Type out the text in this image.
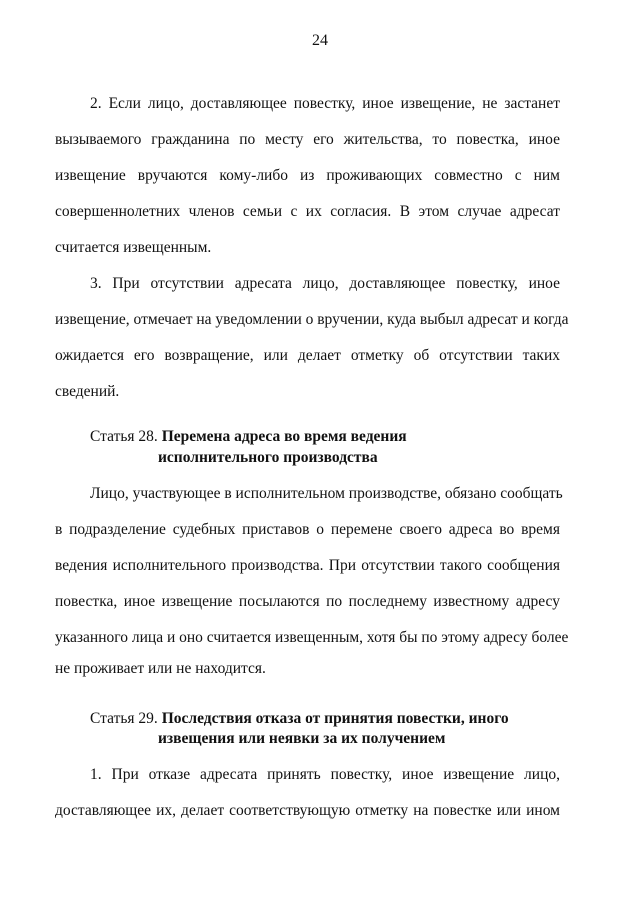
24
2. Если лицо, доставляющее повестку, иное извещение, не застанет
вызываемого гражданина по месту его жительства, то повестка, иное
извещение вручаются кому-либо из проживающих совместно с ним
совершеннолетних членов семьи с их согласия. В этом случае адресат
считается извещенным.
3. При отсутствии адресата лицо, доставляющее повестку, иное
извещение, отмечает на уведомлении о вручении, куда выбыл адресат и когда
ожидается его возвращение, или делает отметку об отсутствии таких
сведений.
Статья 28. Перемена адреса во время ведения
исполнительного производства
Лицо, участвующее в исполнительном производстве, обязано сообщать
в подразделение судебных приставов о перемене своего адреса во время
ведения исполнительного производства. При отсутствии такого сообщения
повестка, иное извещение посылаются по последнему известному адресу
указанного лица и оно считается извещенным, хотя бы по этому адресу более
не проживает или не находится.
Статья 29. Последствия отказа от принятия повестки, иного
извещения или неявки за их получением
1. При отказе адресата принять повестку, иное извещение лицо,
доставляющее их, делает соответствующую отметку на повестке или ином
